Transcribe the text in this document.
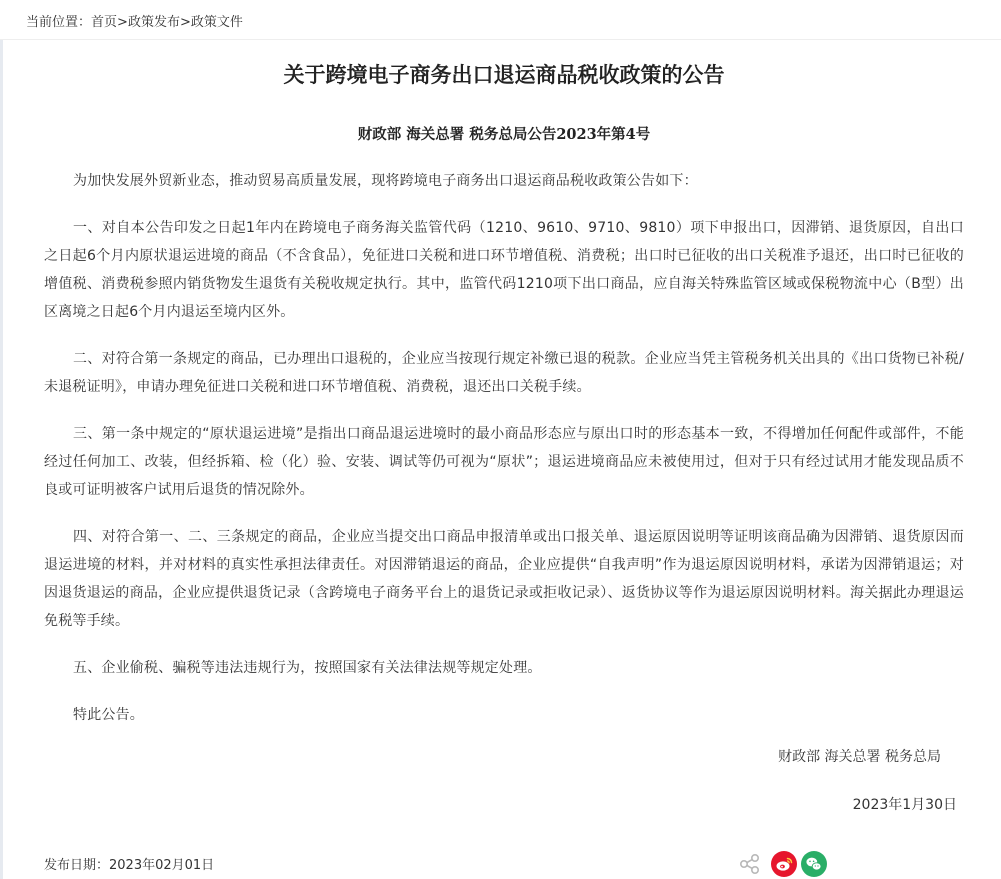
当前位置：首页>政策发布>政策文件
关于跨境电子商务出口退运商品税收政策的公告
财政部 海关总署 税务总局公告2023年第4号

为加快发展外贸新业态，推动贸易高质量发展，现将跨境电子商务出口退运商品税收政策公告如下：

一、对自本公告印发之日起1年内在跨境电子商务海关监管代码（1210、9610、9710、9810）项下申报出口，因滞销、退货原因，自出口之日起6个月内原状退运进境的商品（不含食品），免征进口关税和进口环节增值税、消费税；出口时已征收的出口关税准予退还，出口时已征收的增值税、消费税参照内销货物发生退货有关税收规定执行。其中，监管代码1210项下出口商品，应自海关特殊监管区域或保税物流中心（B型）出区离境之日起6个月内退运至境内区外。

二、对符合第一条规定的商品，已办理出口退税的，企业应当按现行规定补缴已退的税款。企业应当凭主管税务机关出具的《出口货物已补税/未退税证明》，申请办理免征进口关税和进口环节增值税、消费税，退还出口关税手续。

三、第一条中规定的“原状退运进境”是指出口商品退运进境时的最小商品形态应与原出口时的形态基本一致，不得增加任何配件或部件，不能经过任何加工、改装，但经拆箱、检（化）验、安装、调试等仍可视为“原状”；退运进境商品应未被使用过，但对于只有经过试用才能发现品质不良或可证明被客户试用后退货的情况除外。

四、对符合第一、二、三条规定的商品，企业应当提交出口商品申报清单或出口报关单、退运原因说明等证明该商品确为因滞销、退货原因而退运进境的材料，并对材料的真实性承担法律责任。对因滞销退运的商品，企业应提供“自我声明”作为退运原因说明材料，承诺为因滞销退运；对因退货退运的商品，企业应提供退货记录（含跨境电子商务平台上的退货记录或拒收记录）、返货协议等作为退运原因说明材料。海关据此办理退运免税等手续。

五、企业偷税、骗税等违法违规行为，按照国家有关法律法规等规定处理。

特此公告。

财政部 海关总署 税务总局
2023年1月30日
发布日期：2023年02月01日
